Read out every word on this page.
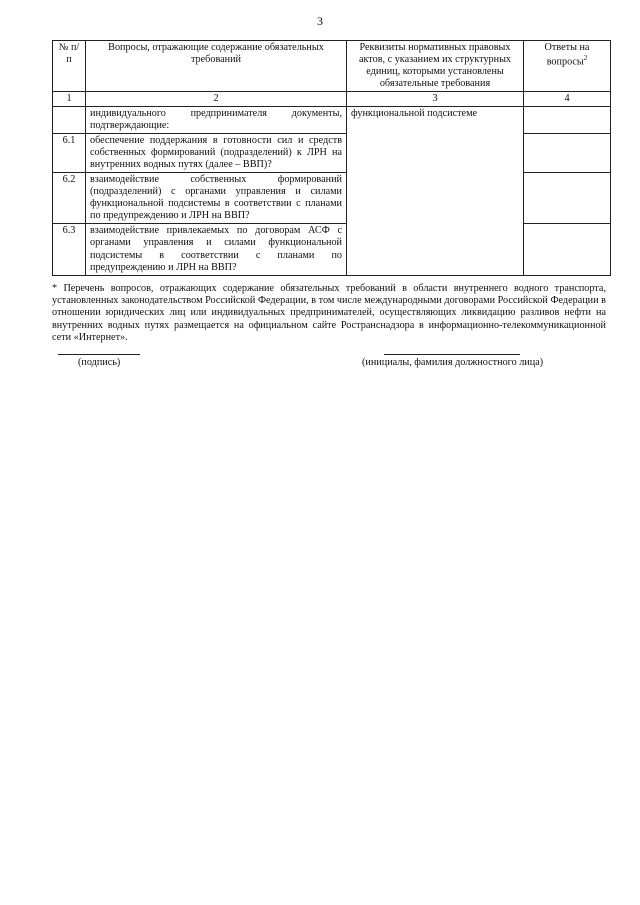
3
№ п/п	Вопросы, отражающие содержание обязательных требований	Реквизиты нормативных правовых актов, с указанием их структурных единиц, которыми установлены обязательные требования	Ответы на вопросы$^2$
1	2	3	4
	индивидуального предпринимателя документы, подтверждающие:	функциональной подсистеме	
6.1	обеспечение поддержания в готовности сил и средств собственных формирований (подразделений) к ЛРН на внутренних водных путях (далее – ВВП)?		
6.2	взаимодействие собственных формирований (подразделений) с органами управления и силами функциональной подсистемы в соответствии с планами по предупреждению и ЛРН на ВВП?		
6.3	взаимодействие привлекаемых по договорам АСФ с органами управления и силами функциональной подсистемы в соответствии с планами по предупреждению и ЛРН на ВВП?		
* Перечень вопросов, отражающих содержание обязательных требований в области внутреннего водного транспорта, установленных законодательством Российской Федерации, в том числе международными договорами Российской Федерации в отношении юридических лиц или индивидуальных предпринимателей, осуществляющих ликвидацию разливов нефти на внутренних водных путях размещается на официальном сайте Ространснадзора в информационно-телекоммуникационной сети «Интернет».
(подпись)	(инициалы, фамилия должностного лица)
